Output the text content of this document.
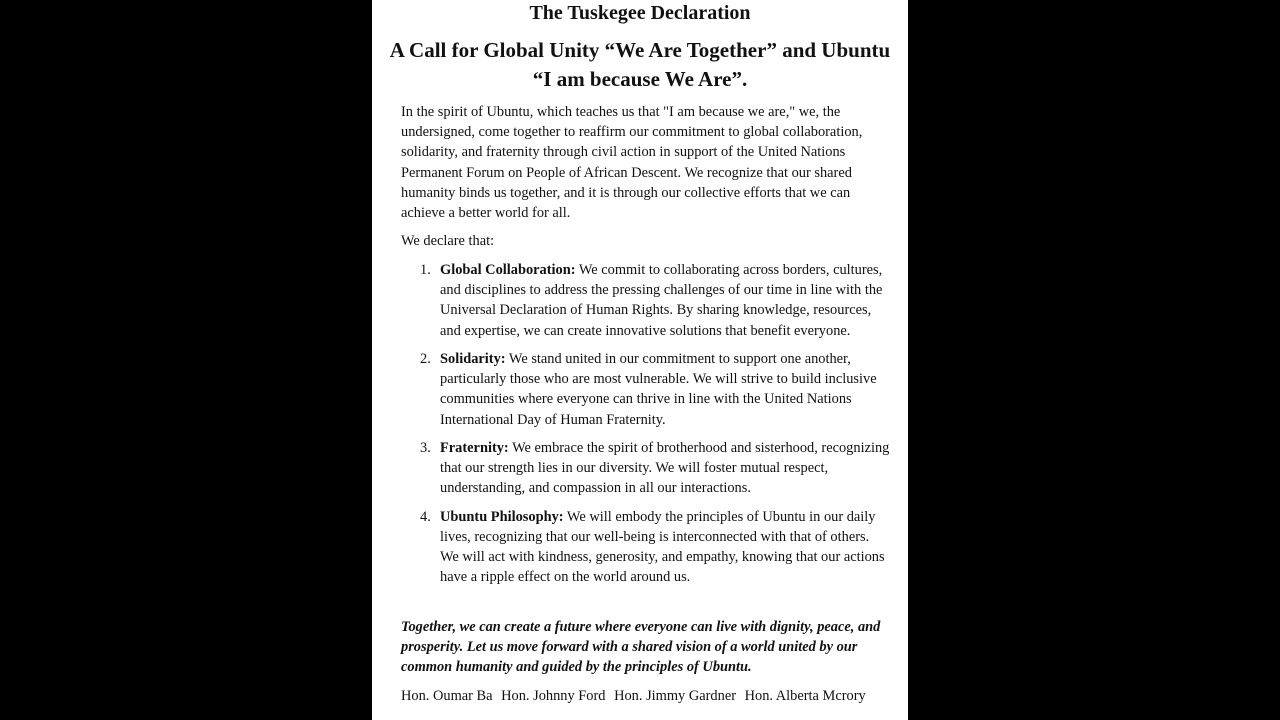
The Tuskegee Declaration
A Call for Global Unity “We Are Together” and Ubuntu
“I am because We Are”.

In the spirit of Ubuntu, which teaches us that "I am because we are," we, the undersigned, come together to reaffirm our commitment to global collaboration, solidarity, and fraternity through civil action in support of the United Nations Permanent Forum on People of African Descent. We recognize that our shared humanity binds us together, and it is through our collective efforts that we can achieve a better world for all.

We declare that:

1. Global Collaboration: We commit to collaborating across borders, cultures, and disciplines to address the pressing challenges of our time in line with the Universal Declaration of Human Rights. By sharing knowledge, resources, and expertise, we can create innovative solutions that benefit everyone.
2. Solidarity: We stand united in our commitment to support one another, particularly those who are most vulnerable. We will strive to build inclusive communities where everyone can thrive in line with the United Nations International Day of Human Fraternity.
3. Fraternity: We embrace the spirit of brotherhood and sisterhood, recognizing that our strength lies in our diversity. We will foster mutual respect, understanding, and compassion in all our interactions.
4. Ubuntu Philosophy: We will embody the principles of Ubuntu in our daily lives, recognizing that our well-being is interconnected with that of others. We will act with kindness, generosity, and empathy, knowing that our actions have a ripple effect on the world around us.

Together, we can create a future where everyone can live with dignity, peace, and prosperity. Let us move forward with a shared vision of a world united by our common humanity and guided by the principles of Ubuntu.

Hon. Oumar Ba Hon. Johnny Ford Hon. Jimmy Gardner Hon. Alberta Mcrory
